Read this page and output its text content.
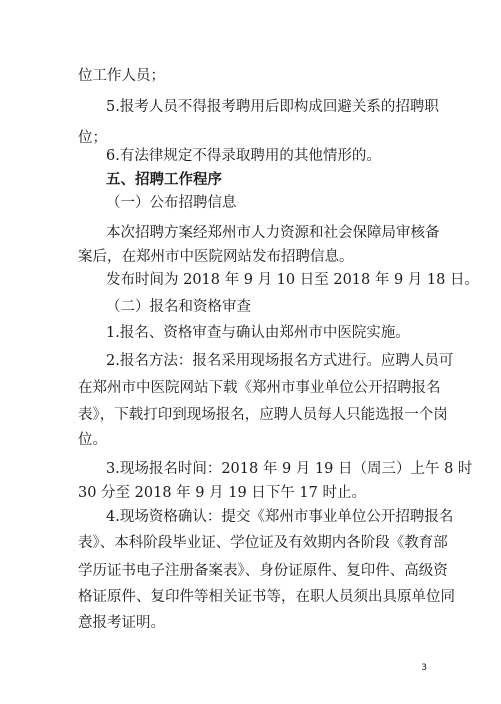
位工作人员；
5.报考人员不得报考聘用后即构成回避关系的招聘职
位；
6.有法律规定不得录取聘用的其他情形的。
五、招聘工作程序
（一）公布招聘信息
本次招聘方案经郑州市人力资源和社会保障局审核备
案后，在郑州市中医院网站发布招聘信息。
发布时间为 2018 年 9 月 10 日至 2018 年 9 月 18 日。
（二）报名和资格审查
1.报名、资格审查与确认由郑州市中医院实施。
2.报名方法：报名采用现场报名方式进行。应聘人员可
在郑州市中医院网站下载《郑州市事业单位公开招聘报名
表》，下载打印到现场报名，应聘人员每人只能选报一个岗
位。
3.现场报名时间：2018 年 9 月 19 日（周三）上午 8 时
30 分至 2018 年 9 月 19 日下午 17 时止。
4.现场资格确认：提交《郑州市事业单位公开招聘报名
表》、本科阶段毕业证、学位证及有效期内各阶段《教育部
学历证书电子注册备案表》、身份证原件、复印件、高级资
格证原件、复印件等相关证书等，在职人员须出具原单位同
意报考证明。
3
